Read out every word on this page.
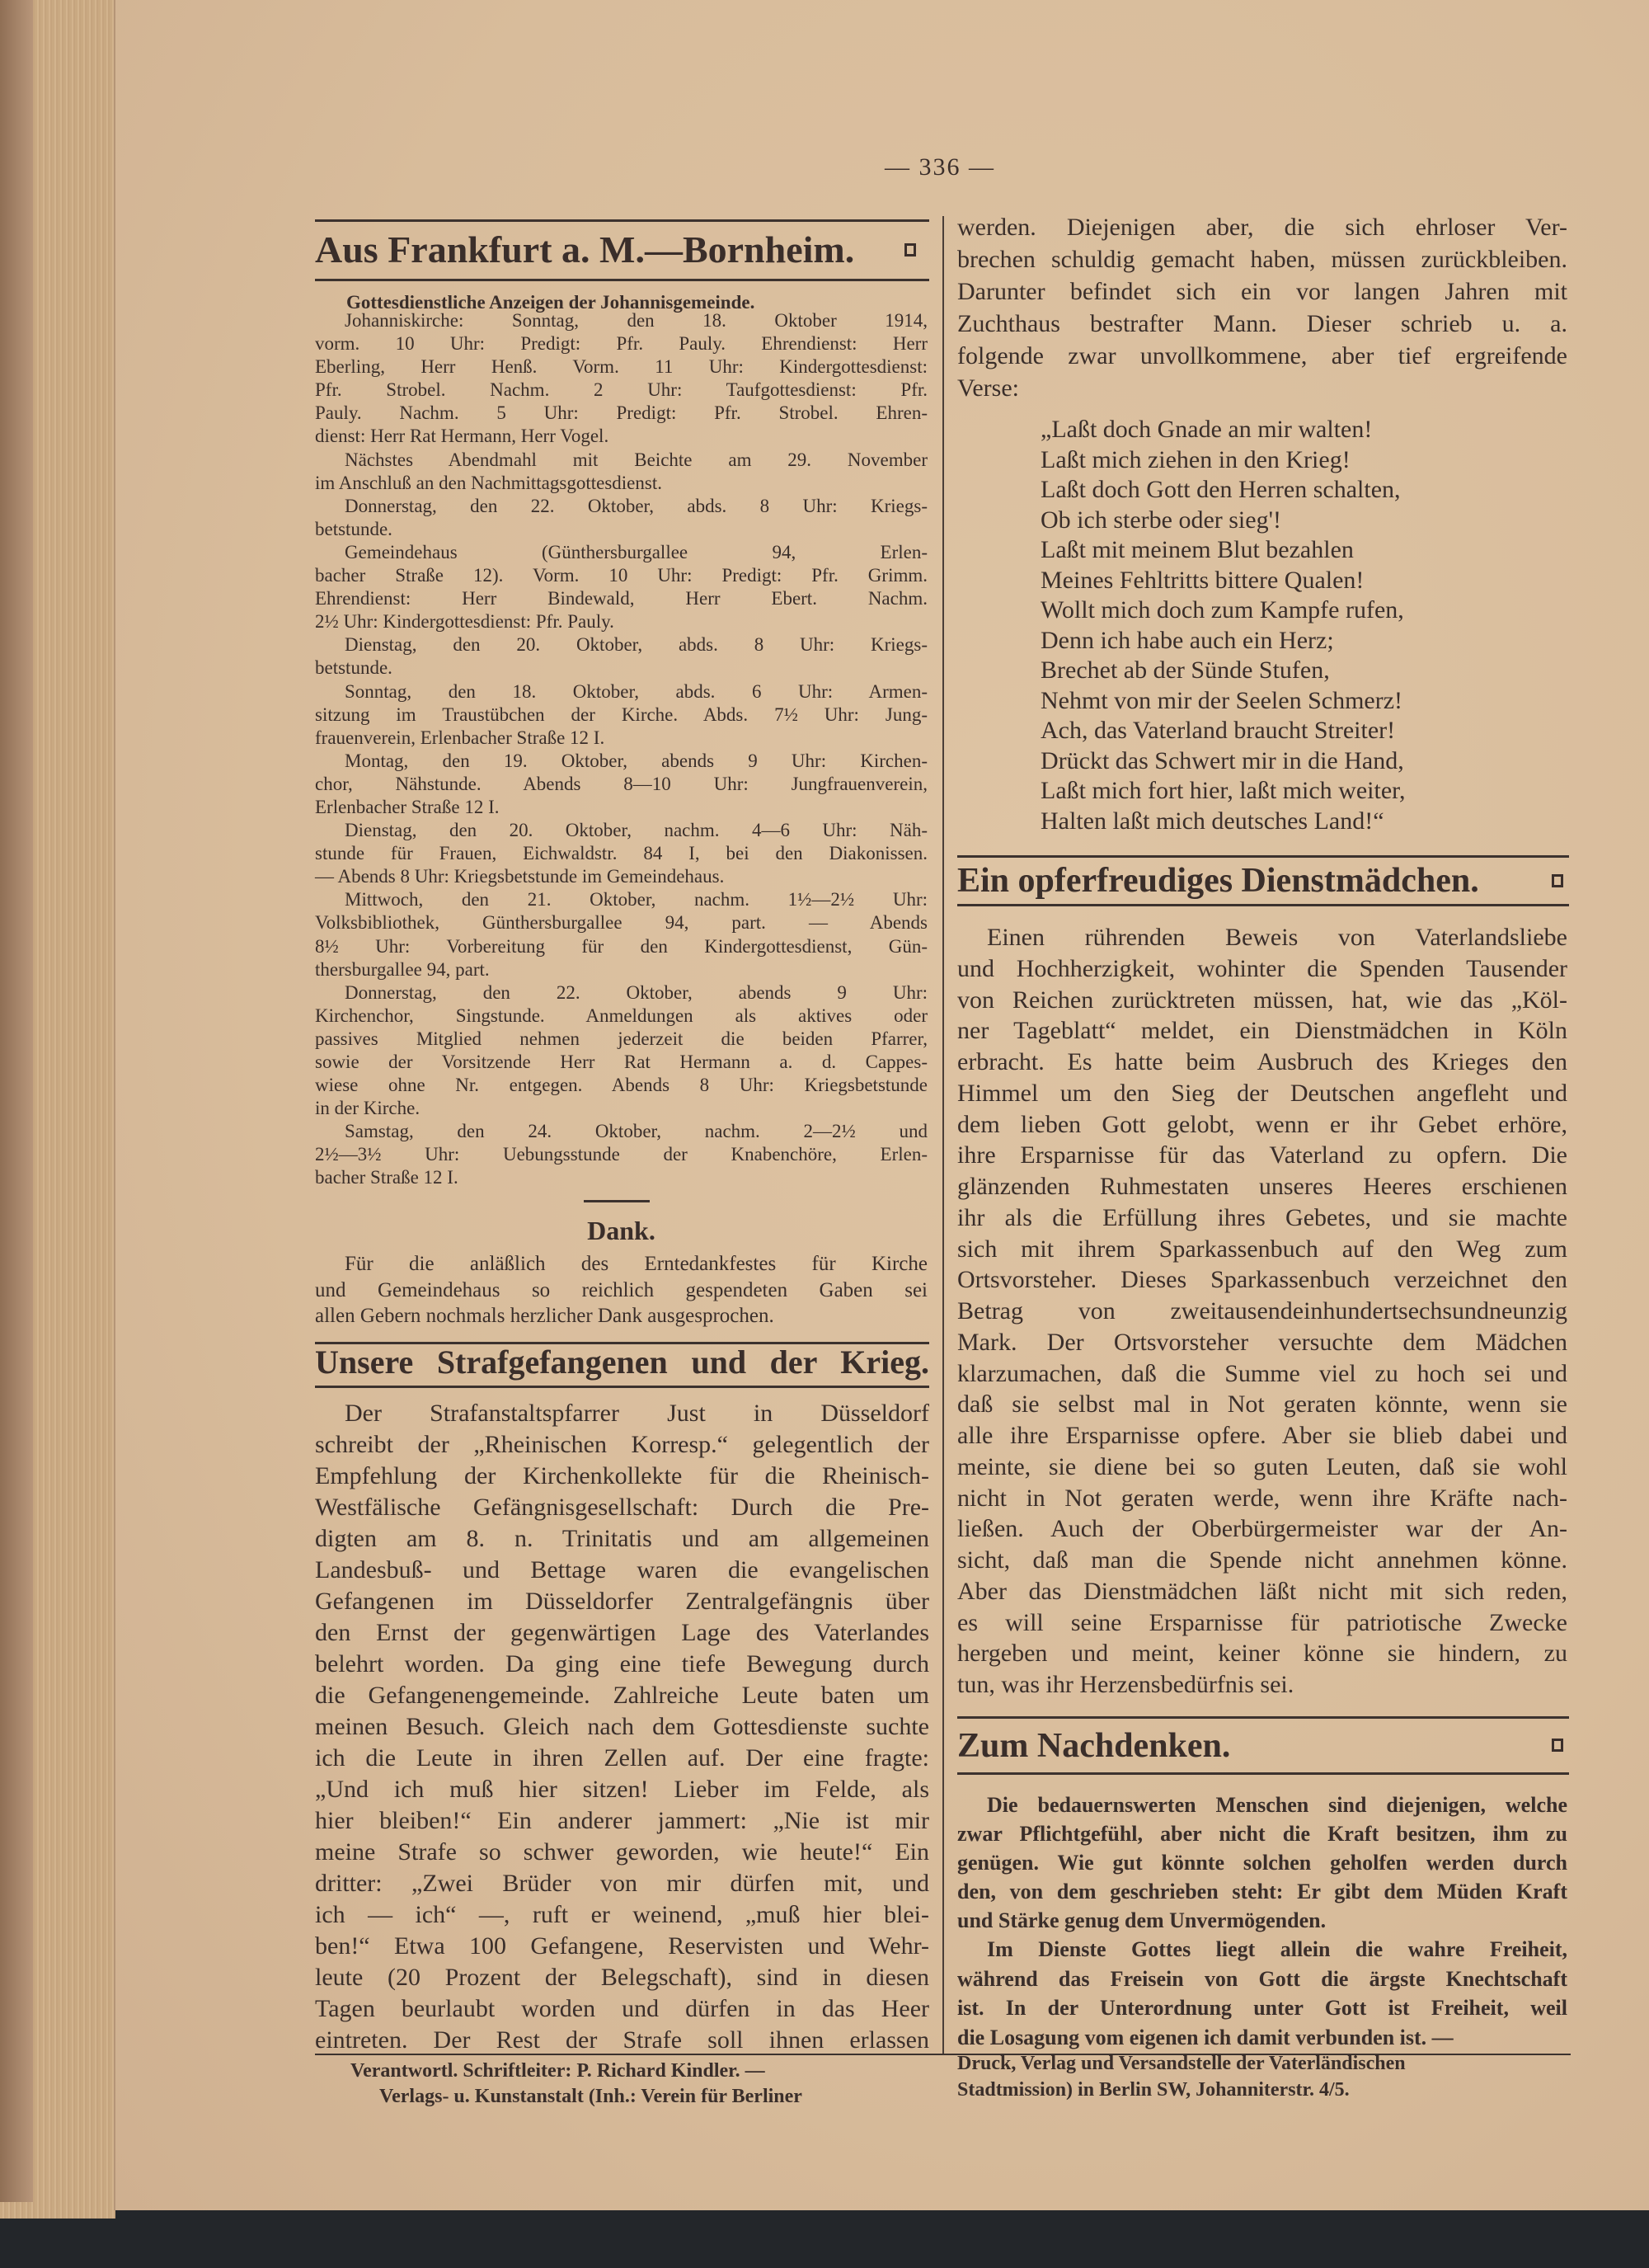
— 336 —
Aus Frankfurt a. M.—Bornheim.
Gottesdienstliche Anzeigen der Johannisgemeinde.
Johanniskirche: Sonntag, den 18. Oktober 1914,
vorm. 10 Uhr: Predigt: Pfr. Pauly. Ehrendienst: Herr
Eberling, Herr Henß. Vorm. 11 Uhr: Kindergottesdienst:
Pfr. Strobel. Nachm. 2 Uhr: Taufgottesdienst: Pfr.
Pauly. Nachm. 5 Uhr: Predigt: Pfr. Strobel. Ehren-
dienst: Herr Rat Hermann, Herr Vogel.
Nächstes Abendmahl mit Beichte am 29. November
im Anschluß an den Nachmittagsgottesdienst.
Donnerstag, den 22. Oktober, abds. 8 Uhr: Kriegs-
betstunde.
Gemeindehaus (Günthersburgallee 94, Erlen-
bacher Straße 12). Vorm. 10 Uhr: Predigt: Pfr. Grimm.
Ehrendienst: Herr Bindewald, Herr Ebert. Nachm.
2½ Uhr: Kindergottesdienst: Pfr. Pauly.
Dienstag, den 20. Oktober, abds. 8 Uhr: Kriegs-
betstunde.
Sonntag, den 18. Oktober, abds. 6 Uhr: Armen-
sitzung im Traustübchen der Kirche. Abds. 7½ Uhr: Jung-
frauenverein, Erlenbacher Straße 12 I.
Montag, den 19. Oktober, abends 9 Uhr: Kirchen-
chor, Nähstunde. Abends 8—10 Uhr: Jungfrauenverein,
Erlenbacher Straße 12 I.
Dienstag, den 20. Oktober, nachm. 4—6 Uhr: Näh-
stunde für Frauen, Eichwaldstr. 84 I, bei den Diakonissen.
— Abends 8 Uhr: Kriegsbetstunde im Gemeindehaus.
Mittwoch, den 21. Oktober, nachm. 1½—2½ Uhr:
Volksbibliothek, Günthersburgallee 94, part. — Abends
8½ Uhr: Vorbereitung für den Kindergottesdienst, Gün-
thersburgallee 94, part.
Donnerstag, den 22. Oktober, abends 9 Uhr:
Kirchenchor, Singstunde. Anmeldungen als aktives oder
passives Mitglied nehmen jederzeit die beiden Pfarrer,
sowie der Vorsitzende Herr Rat Hermann a. d. Cappes-
wiese ohne Nr. entgegen. Abends 8 Uhr: Kriegsbetstunde
in der Kirche.
Samstag, den 24. Oktober, nachm. 2—2½ und
2½—3½ Uhr: Uebungsstunde der Knabenchöre, Erlen-
bacher Straße 12 I.
Dank.
Für die anläßlich des Erntedankfestes für Kirche
und Gemeindehaus so reichlich gespendeten Gaben sei
allen Gebern nochmals herzlicher Dank ausgesprochen.
Unsere Strafgefangenen und der Krieg.
Der Strafanstaltspfarrer Just in Düsseldorf
schreibt der „Rheinischen Korresp.“ gelegentlich der
Empfehlung der Kirchenkollekte für die Rheinisch-
Westfälische Gefängnisgesellschaft: Durch die Pre-
digten am 8. n. Trinitatis und am allgemeinen
Landesbuß- und Bettage waren die evangelischen
Gefangenen im Düsseldorfer Zentralgefängnis über
den Ernst der gegenwärtigen Lage des Vaterlandes
belehrt worden. Da ging eine tiefe Bewegung durch
die Gefangenengemeinde. Zahlreiche Leute baten um
meinen Besuch. Gleich nach dem Gottesdienste suchte
ich die Leute in ihren Zellen auf. Der eine fragte:
„Und ich muß hier sitzen! Lieber im Felde, als
hier bleiben!“ Ein anderer jammert: „Nie ist mir
meine Strafe so schwer geworden, wie heute!“ Ein
dritter: „Zwei Brüder von mir dürfen mit, und
ich — ich“ —, ruft er weinend, „muß hier blei-
ben!“ Etwa 100 Gefangene, Reservisten und Wehr-
leute (20 Prozent der Belegschaft), sind in diesen
Tagen beurlaubt worden und dürfen in das Heer
eintreten. Der Rest der Strafe soll ihnen erlassen
werden. Diejenigen aber, die sich ehrloser Ver-
brechen schuldig gemacht haben, müssen zurückbleiben.
Darunter befindet sich ein vor langen Jahren mit
Zuchthaus bestrafter Mann. Dieser schrieb u. a.
folgende zwar unvollkommene, aber tief ergreifende
Verse:
„Laßt doch Gnade an mir walten!
Laßt mich ziehen in den Krieg!
Laßt doch Gott den Herren schalten,
Ob ich sterbe oder sieg'!
Laßt mit meinem Blut bezahlen
Meines Fehltritts bittere Qualen!
Wollt mich doch zum Kampfe rufen,
Denn ich habe auch ein Herz;
Brechet ab der Sünde Stufen,
Nehmt von mir der Seelen Schmerz!
Ach, das Vaterland braucht Streiter!
Drückt das Schwert mir in die Hand,
Laßt mich fort hier, laßt mich weiter,
Halten laßt mich deutsches Land!“
Ein opferfreudiges Dienstmädchen.
Einen rührenden Beweis von Vaterlandsliebe
und Hochherzigkeit, wohinter die Spenden Tausender
von Reichen zurücktreten müssen, hat, wie das „Köl-
ner Tageblatt“ meldet, ein Dienstmädchen in Köln
erbracht. Es hatte beim Ausbruch des Krieges den
Himmel um den Sieg der Deutschen angefleht und
dem lieben Gott gelobt, wenn er ihr Gebet erhöre,
ihre Ersparnisse für das Vaterland zu opfern. Die
glänzenden Ruhmestaten unseres Heeres erschienen
ihr als die Erfüllung ihres Gebetes, und sie machte
sich mit ihrem Sparkassenbuch auf den Weg zum
Ortsvorsteher. Dieses Sparkassenbuch verzeichnet den
Betrag von zweitausendeinhundertsechsundneunzig
Mark. Der Ortsvorsteher versuchte dem Mädchen
klarzumachen, daß die Summe viel zu hoch sei und
daß sie selbst mal in Not geraten könnte, wenn sie
alle ihre Ersparnisse opfere. Aber sie blieb dabei und
meinte, sie diene bei so guten Leuten, daß sie wohl
nicht in Not geraten werde, wenn ihre Kräfte nach-
ließen. Auch der Oberbürgermeister war der An-
sicht, daß man die Spende nicht annehmen könne.
Aber das Dienstmädchen läßt nicht mit sich reden,
es will seine Ersparnisse für patriotische Zwecke
hergeben und meint, keiner könne sie hindern, zu
tun, was ihr Herzensbedürfnis sei.
Zum Nachdenken.
Die bedauernswerten Menschen sind diejenigen, welche
zwar Pflichtgefühl, aber nicht die Kraft besitzen, ihm zu
genügen. Wie gut könnte solchen geholfen werden durch
den, von dem geschrieben steht: Er gibt dem Müden Kraft
und Stärke genug dem Unvermögenden.
Im Dienste Gottes liegt allein die wahre Freiheit,
während das Freisein von Gott die ärgste Knechtschaft
ist. In der Unterordnung unter Gott ist Freiheit, weil
die Losagung vom eigenen ich damit verbunden ist. —
Verantwortl. Schriftleiter: P. Richard Kindler. —
Verlags- u. Kunstanstalt (Inh.: Verein für Berliner
Druck, Verlag und Versandstelle der Vaterländischen
Stadtmission) in Berlin SW, Johanniterstr. 4/5.
